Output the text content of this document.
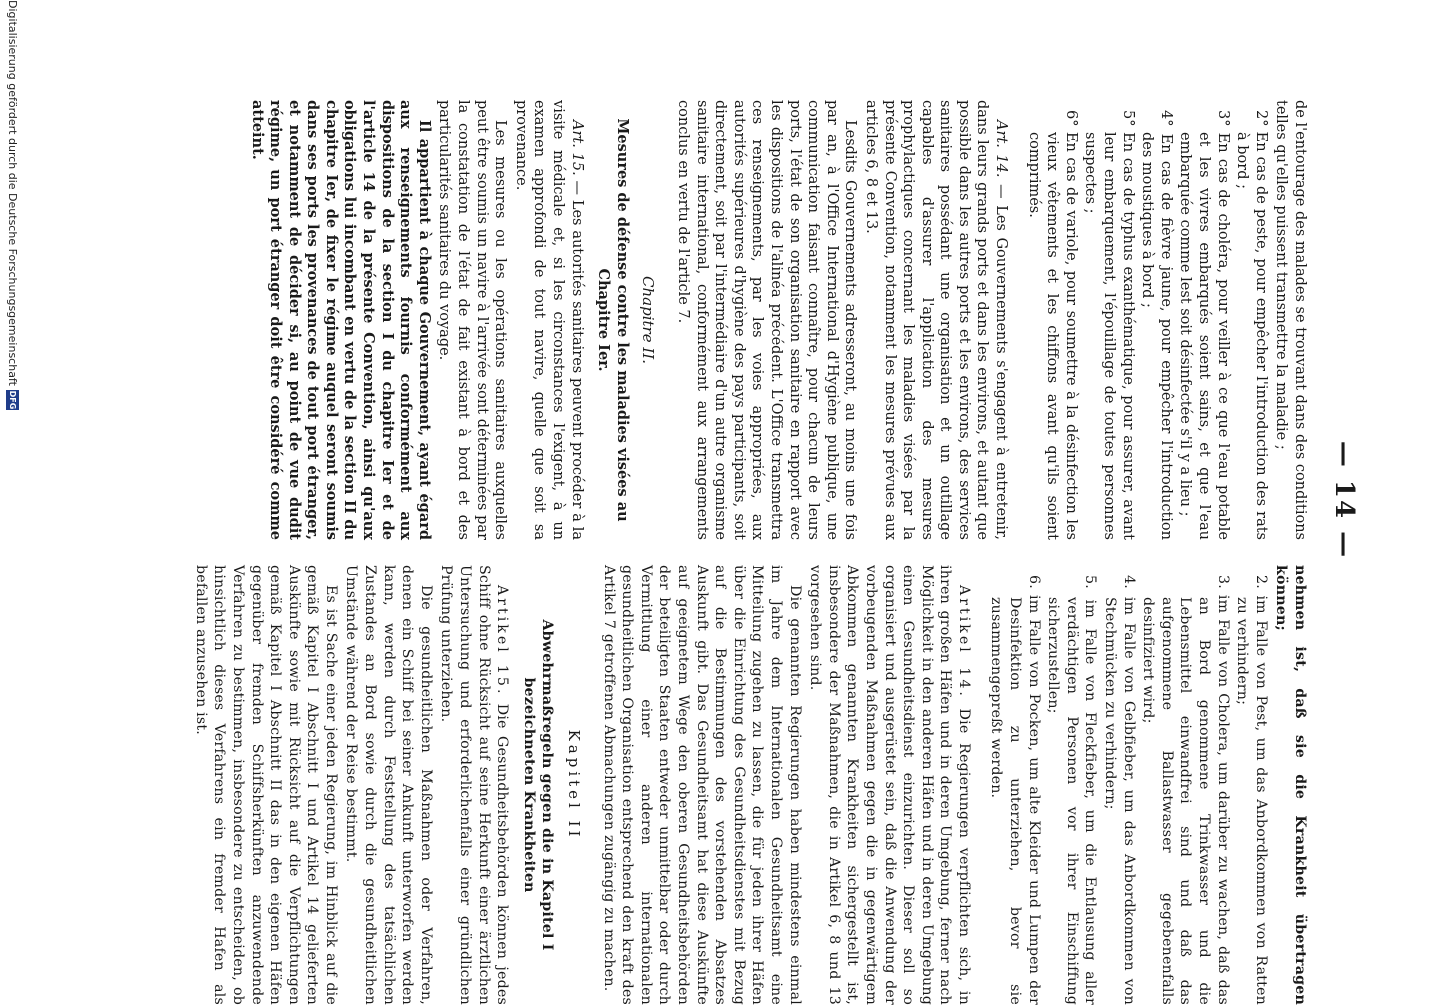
— 14 —

de l'entourage des malades se trouvant dans des conditions telles qu'elles puissent transmettre la maladie ;

2° En cas de peste, pour empêcher l'introduction des rats à bord ;

3° En cas de choléra, pour veiller à ce que l'eau potable et les vivres embarqués soient sains, et que l'eau embarquée comme lest soit désinfectée s'il y a lieu ;

4° En cas de fièvre jaune, pour empêcher l'introduction des moustiques à bord ;

5° En cas de typhus exanthématique, pour assurer, avant leur embarquement, l'épouillage de toutes personnes suspectes ;

6° En cas de variole, pour soumettre à la désinfection les vieux vêtements et les chiffons avant qu'ils soient comprimés.

Art. 14. — Les Gouvernements s'engagent à entretenir, dans leurs grands ports et dans les environs, et autant que possible dans les autres ports et les environs, des services sanitaires possédant une organisation et un outillage capables d'assurer l'application des mesures prophylactiques concernant les maladies visées par la présente Convention, notamment les mesures prévues aux articles 6, 8 et 13.

Lesdits Gouvernements adresseront, au moins une fois par an, à l'Office International d'Hygiène publique, une communication faisant connaître, pour chacun de leurs ports, l'état de son organisation sanitaire en rapport avec les dispositions de l'alinéa précédent. L'Office transmettra ces renseignements, par les voies appropriées, aux autorités supérieures d'hygiène des pays participants, soit directement, soit par l'intermédiaire d'un autre organisme sanitaire international, conformément aux arrangements conclus en vertu de l'article 7.

Chapitre II.
Mesures de défense contre les maladies visées au Chapitre Ier.

Art. 15. — Les autorités sanitaires peuvent procéder à la visite médicale et, si les circonstances l'exigent, à un examen approfondi de tout navire, quelle que soit sa provenance.

Les mesures ou les opérations sanitaires auxquelles peut être soumis un navire à l'arrivée sont déterminées par la constatation de l'état de fait existant à bord et des particularités sanitaires du voyage.

Il appartient à chaque Gouvernement, ayant égard aux renseignements fournis conformément aux dispositions de la section I du chapitre Ier et de l'article 14 de la présente Convention, ainsi qu'aux obligations lui incombant en vertu de la section II du chapitre Ier, de fixer le régime auquel seront soumis dans ses ports les provenances de tout port étranger, et notamment de décider si, au point de vue dudit régime, un port étranger doit être considéré comme atteint.

nehmen ist, daß sie die Krankheit übertragen können;

2. im Falle von Pest, um das Anbordkommen von Ratten zu verhindern;

3. im Falle von Cholera, um darüber zu wachen, daß das an Bord genommene Trinkwasser und die Lebensmittel einwandfrei sind und daß das aufgenommene Ballastwasser gegebenenfalls desinfiziert wird;

4. im Falle von Gelbfieber, um das Anbordkommen von Stechmücken zu verhindern;

5. im Falle von Fleckfieber, um die Entlausung aller verdächtigen Personen vor ihrer Einschiffung sicherzustellen;

6. im Falle von Pocken, um alte Kleider und Lumpen der Desinfektion zu unterziehen, bevor sie zusammengepreßt werden.

Artikel 14. Die Regierungen verpflichten sich, in ihren großen Häfen und in deren Umgebung, ferner nach Möglichkeit in den anderen Häfen und in deren Umgebung einen Gesundheitsdienst einzurichten. Dieser soll so organisiert und ausgerüstet sein, daß die Anwendung der vorbeugenden Maßnahmen gegen die in gegenwärtigem Abkommen genannten Krankheiten sichergestellt ist, insbesondere der Maßnahmen, die in Artikel 6, 8 und 13 vorgesehen sind.

Die genannten Regierungen haben mindestens einmal im Jahre dem Internationalen Gesundheitsamt eine Mitteilung zugehen zu lassen, die für jeden ihrer Häfen über die Einrichtung des Gesundheitsdienstes mit Bezug auf die Bestimmungen des vorstehenden Absatzes Auskunft gibt. Das Gesundheitsamt hat diese Auskünfte auf geeignetem Wege den oberen Gesundheitsbehörden der beteiligten Staaten entweder unmittelbar oder durch Vermittlung einer anderen internationalen gesundheitlichen Organisation entsprechend den kraft des Artikel 7 getroffenen Abmachungen zugängig zu machen.

Kapitel II
Abwehrmaßregeln gegen die in Kapitel I bezeichneten Krankheiten

Artikel 15. Die Gesundheitsbehörden können jedes Schiff ohne Rücksicht auf seine Herkunft einer ärztlichen Untersuchung und erforderlichenfalls einer gründlichen Prüfung unterziehen.

Die gesundheitlichen Maßnahmen oder Verfahren, denen ein Schiff bei seiner Ankunft unterworfen werden kann, werden durch Feststellung des tatsächlichen Zustandes an Bord sowie durch die gesundheitlichen Umstände während der Reise bestimmt.

Es ist Sache einer jeden Regierung, im Hinblick auf die gemäß Kapitel I Abschnitt I und Artikel 14 gelieferten Auskünfte sowie mit Rücksicht auf die Verpflichtungen gemäß Kapitel I Abschnitt II das in den eigenen Häfen gegenüber fremden Schiffsherkünften anzuwendende Verfahren zu bestimmen, insbesondere zu entscheiden, ob hinsichtlich dieses Verfahrens ein fremder Hafen als befallen anzusehen ist.

Digitalisierung gefördert durch die Deutsche Forschungsgemeinschaft
DFG
